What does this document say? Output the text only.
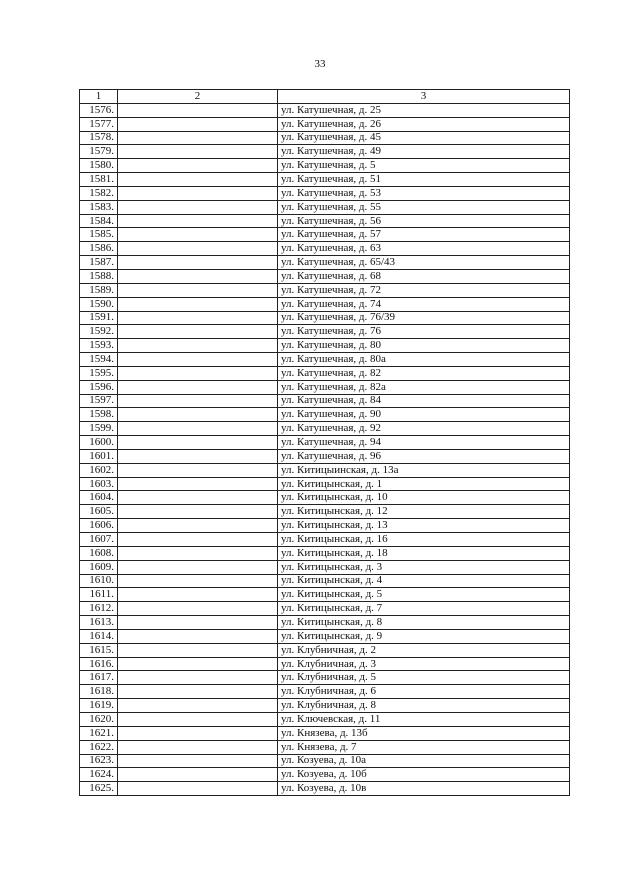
33
1	2	3
1576.		ул. Катушечная, д. 25
1577.		ул. Катушечная, д. 26
1578.		ул. Катушечная, д. 45
1579.		ул. Катушечная, д. 49
1580.		ул. Катушечная, д. 5
1581.		ул. Катушечная, д. 51
1582.		ул. Катушечная, д. 53
1583.		ул. Катушечная, д. 55
1584.		ул. Катушечная, д. 56
1585.		ул. Катушечная, д. 57
1586.		ул. Катушечная, д. 63
1587.		ул. Катушечная, д. 65/43
1588.		ул. Катушечная, д. 68
1589.		ул. Катушечная, д. 72
1590.		ул. Катушечная, д. 74
1591.		ул. Катушечная, д. 76/39
1592.		ул. Катушечная, д. 76
1593.		ул. Катушечная, д. 80
1594.		ул. Катушечная, д. 80а
1595.		ул. Катушечная, д. 82
1596.		ул. Катушечная, д. 82а
1597.		ул. Катушечная, д. 84
1598.		ул. Катушечная, д. 90
1599.		ул. Катушечная, д. 92
1600.		ул. Катушечная, д. 94
1601.		ул. Катушечная, д. 96
1602.		ул. Китицыинская, д. 13а
1603.		ул. Китицынская, д. 1
1604.		ул. Китицынская, д. 10
1605.		ул. Китицынская, д. 12
1606.		ул. Китицынская, д. 13
1607.		ул. Китицынская, д. 16
1608.		ул. Китицынская, д. 18
1609.		ул. Китицынская, д. 3
1610.		ул. Китицынская, д. 4
1611.		ул. Китицынская, д. 5
1612.		ул. Китицынская, д. 7
1613.		ул. Китицынская, д. 8
1614.		ул. Китицынская, д. 9
1615.		ул. Клубничная, д. 2
1616.		ул. Клубничная, д. 3
1617.		ул. Клубничная, д. 5
1618.		ул. Клубничная, д. 6
1619.		ул. Клубничная, д. 8
1620.		ул. Ключевская, д. 11
1621.		ул. Князева, д. 13б
1622.		ул. Князева, д. 7
1623.		ул. Козуева, д. 10а
1624.		ул. Козуева, д. 10б
1625.		ул. Козуева, д. 10в
